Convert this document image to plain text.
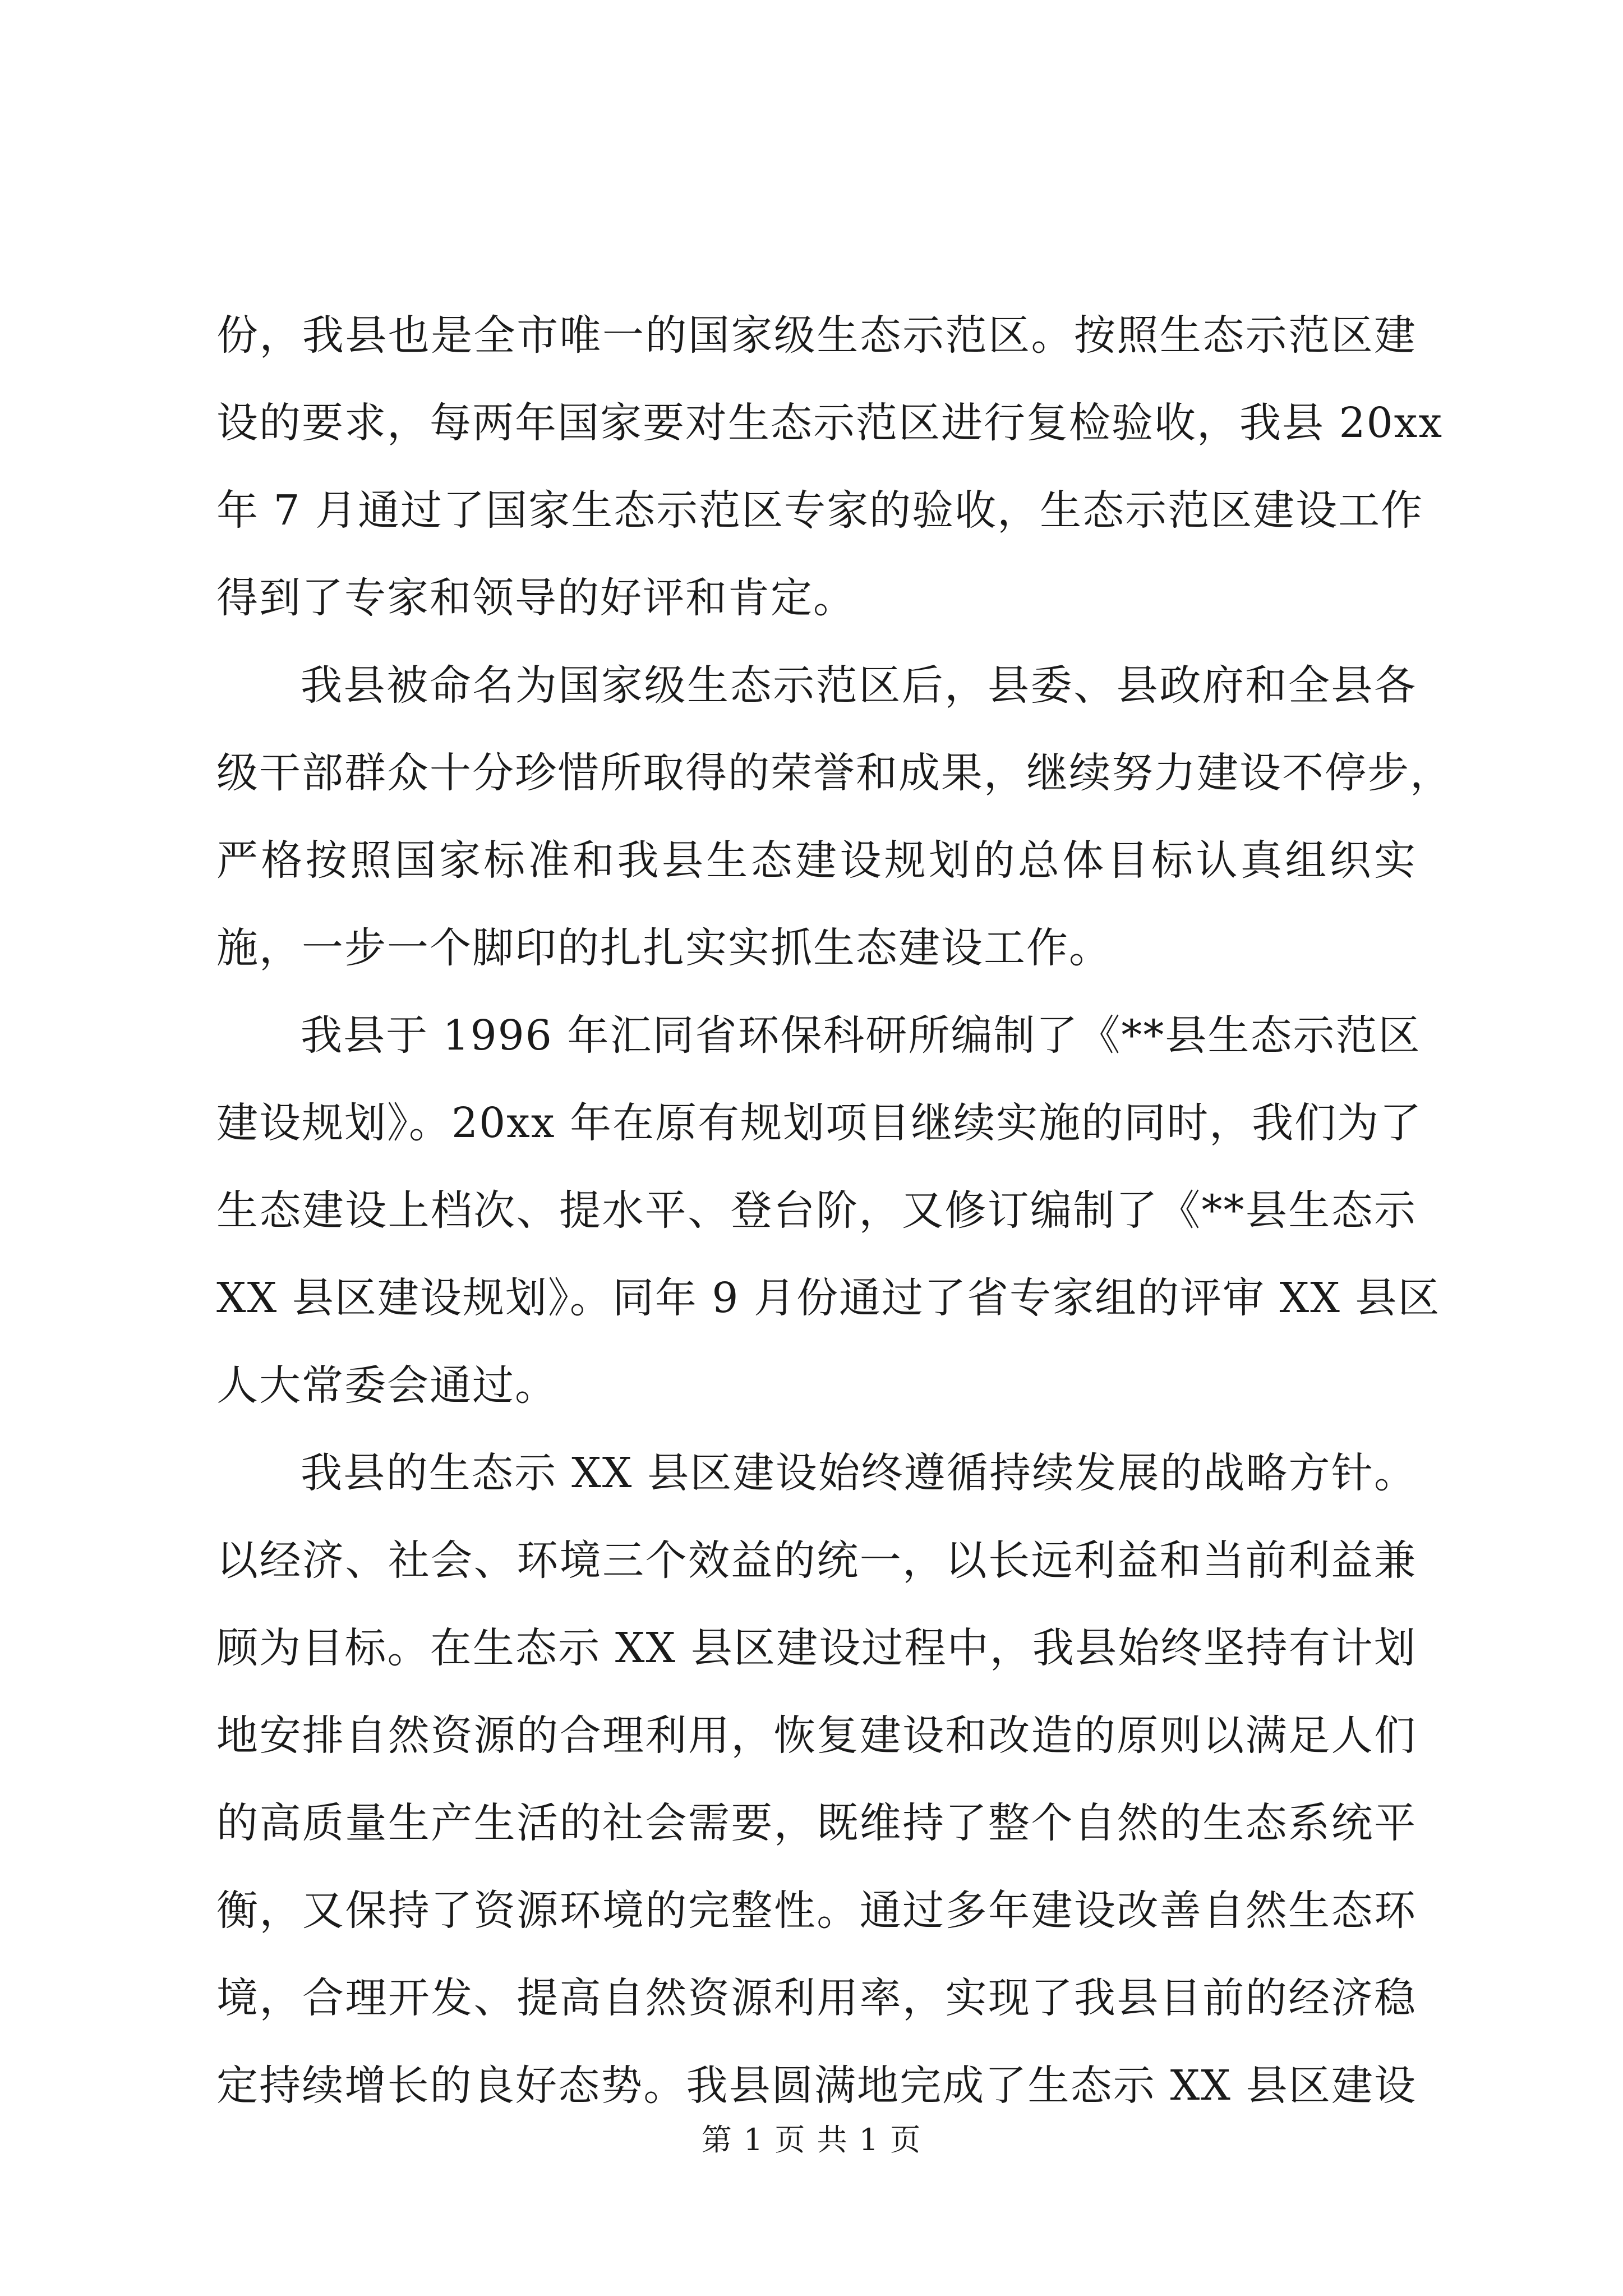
份，我县也是全市唯一的国家级生态示范区。按照生态示范区建
设的要求，每两年国家要对生态示范区进行复检验收，我县 20xx
年 7 月通过了国家生态示范区专家的验收，生态示范区建设工作
得到了专家和领导的好评和肯定。
我县被命名为国家级生态示范区后，县委、县政府和全县各
级干部群众十分珍惜所取得的荣誉和成果，继续努力建设不停步，
严格按照国家标准和我县生态建设规划的总体目标认真组织实
施，一步一个脚印的扎扎实实抓生态建设工作。
我县于 1996 年汇同省环保科研所编制了《**县生态示范区
建设规划》。20xx 年在原有规划项目继续实施的同时，我们为了
生态建设上档次、提水平、登台阶，又修订编制了《**县生态示
XX 县区建设规划》。同年 9 月份通过了省专家组的评审 XX 县区
人大常委会通过。
我县的生态示 XX 县区建设始终遵循持续发展的战略方针。
以经济、社会、环境三个效益的统一，以长远利益和当前利益兼
顾为目标。在生态示 XX 县区建设过程中，我县始终坚持有计划
地安排自然资源的合理利用，恢复建设和改造的原则以满足人们
的高质量生产生活的社会需要，既维持了整个自然的生态系统平
衡，又保持了资源环境的完整性。通过多年建设改善自然生态环
境，合理开发、提高自然资源利用率，实现了我县目前的经济稳
定持续增长的良好态势。我县圆满地完成了生态示 XX 县区建设
第 1 页 共 1 页
